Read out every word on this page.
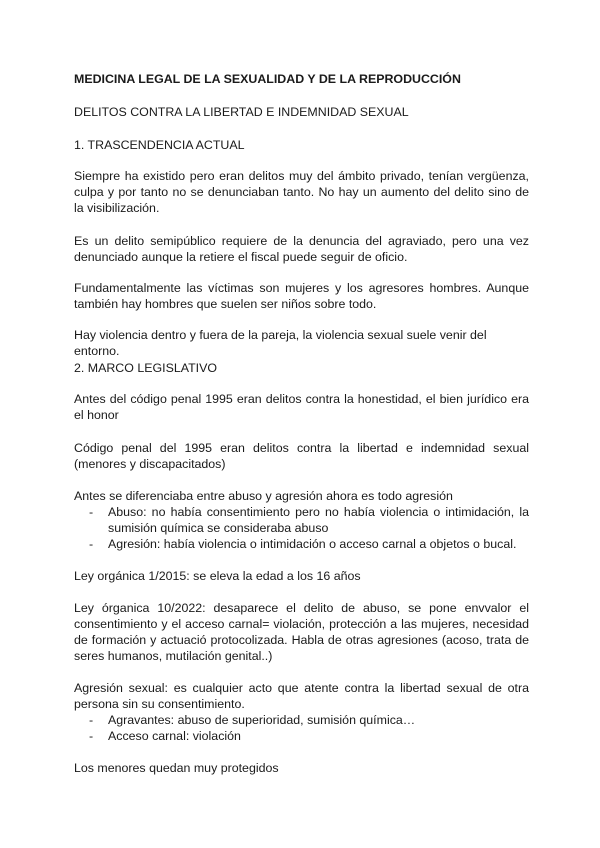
MEDICINA LEGAL DE LA SEXUALIDAD Y DE LA REPRODUCCIÓN

DELITOS CONTRA LA LIBERTAD E INDEMNIDAD SEXUAL

1. TRASCENDENCIA ACTUAL

Siempre ha existido pero eran delitos muy del ámbito privado, tenían vergüenza, culpa y por tanto no se denunciaban tanto. No hay un aumento del delito sino de la visibilización.

Es un delito semipúblico requiere de la denuncia del agraviado, pero una vez denunciado aunque la retiere el fiscal puede seguir de oficio.

Fundamentalmente las víctimas son mujeres y los agresores hombres. Aunque también hay hombres que suelen ser niños sobre todo.

Hay violencia dentro y fuera de la pareja, la violencia sexual suele venir del entorno.

2. MARCO LEGISLATIVO

Antes del código penal 1995 eran delitos contra la honestidad, el bien jurídico era el honor

Código penal del 1995 eran delitos contra la libertad e indemnidad sexual (menores y discapacitados)

Antes se diferenciaba entre abuso y agresión ahora es todo agresión

- Abuso: no había consentimiento pero no había violencia o intimidación, la sumisión química se consideraba abuso
- Agresión: había violencia o intimidación o acceso carnal a objetos o bucal.

Ley orgánica 1/2015: se eleva la edad a los 16 años

Ley órganica 10/2022: desaparece el delito de abuso, se pone envvalor el consentimiento y el acceso carnal= violación, protección a las mujeres, necesidad de formación y actuació protocolizada. Habla de otras agresiones (acoso, trata de seres humanos, mutilación genital..)

Agresión sexual: es cualquier acto que atente contra la libertad sexual de otra persona sin su consentimiento.

- Agravantes: abuso de superioridad, sumisión química…
- Acceso carnal: violación

Los menores quedan muy protegidos
